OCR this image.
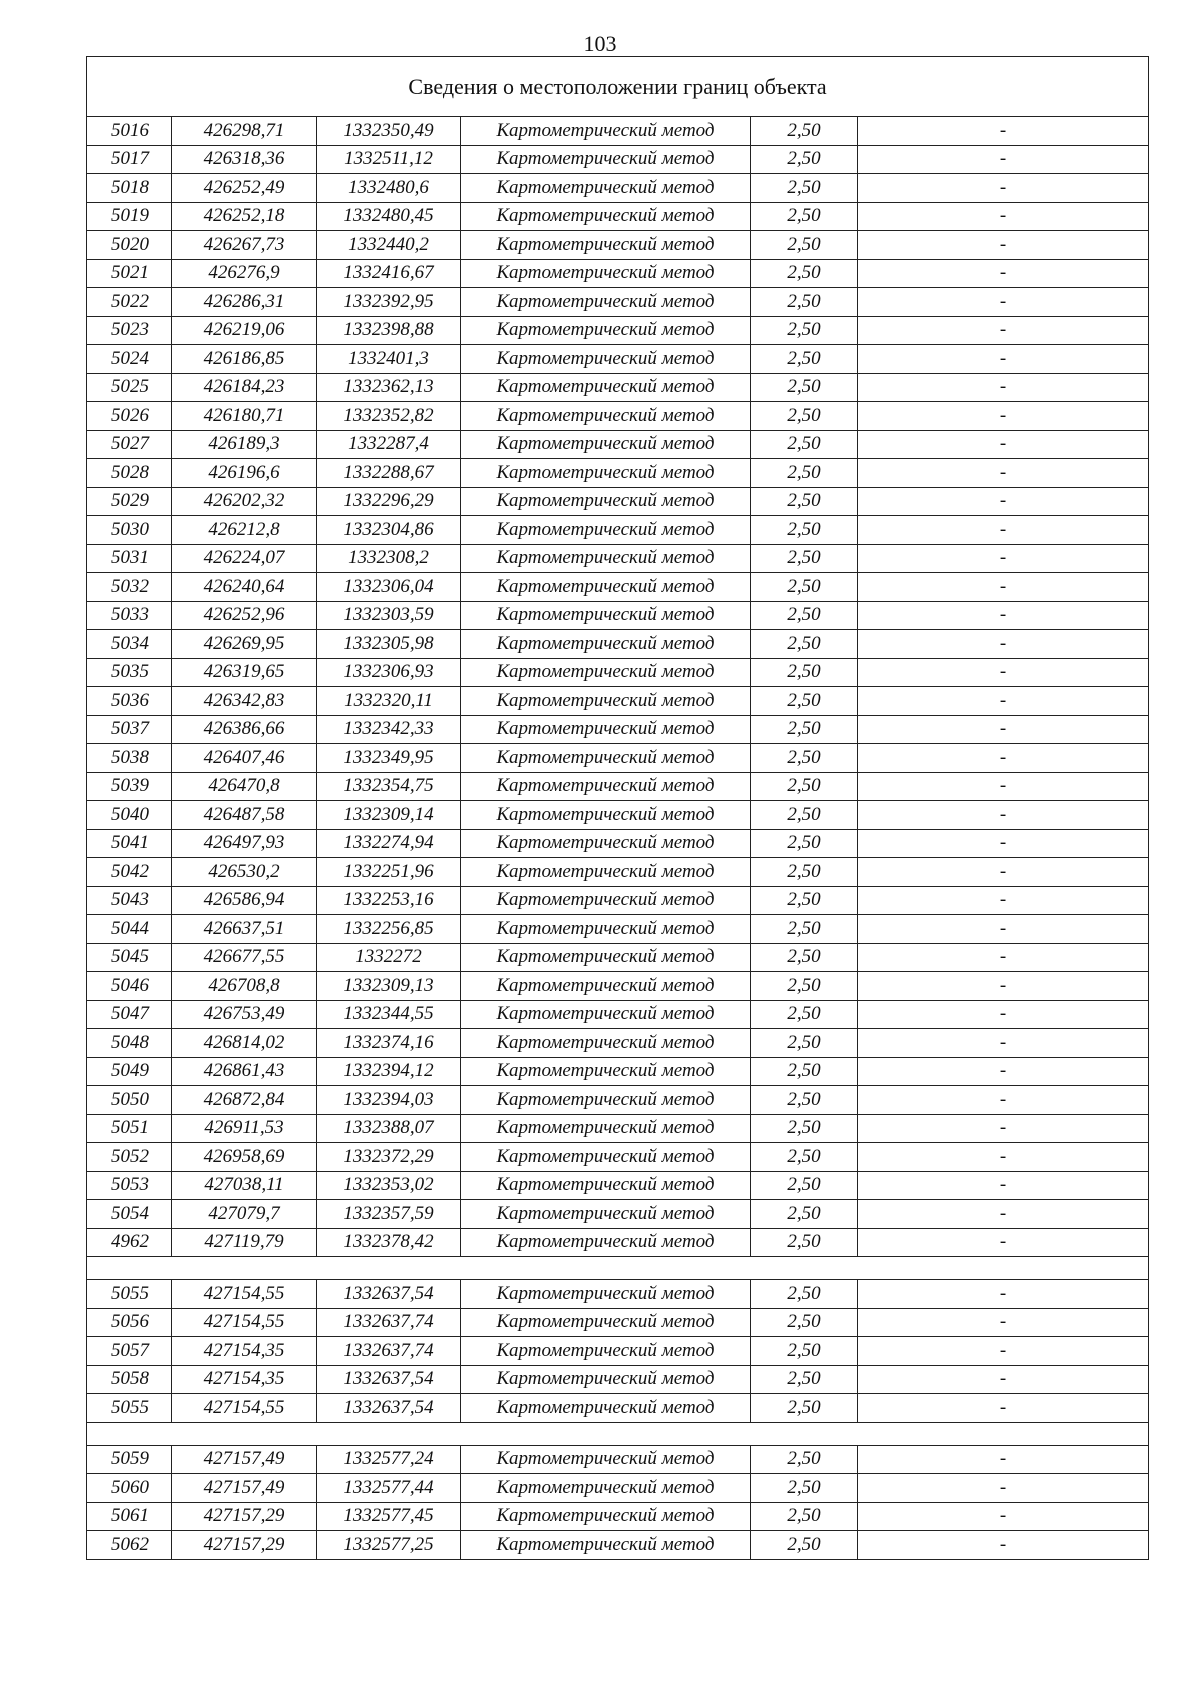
103
Сведения о местоположении границ объекта					
5016	426298,71	1332350,49	Картометрический метод	2,50	-
5017	426318,36	1332511,12	Картометрический метод	2,50	-
5018	426252,49	1332480,6	Картометрический метод	2,50	-
5019	426252,18	1332480,45	Картометрический метод	2,50	-
5020	426267,73	1332440,2	Картометрический метод	2,50	-
5021	426276,9	1332416,67	Картометрический метод	2,50	-
5022	426286,31	1332392,95	Картометрический метод	2,50	-
5023	426219,06	1332398,88	Картометрический метод	2,50	-
5024	426186,85	1332401,3	Картометрический метод	2,50	-
5025	426184,23	1332362,13	Картометрический метод	2,50	-
5026	426180,71	1332352,82	Картометрический метод	2,50	-
5027	426189,3	1332287,4	Картометрический метод	2,50	-
5028	426196,6	1332288,67	Картометрический метод	2,50	-
5029	426202,32	1332296,29	Картометрический метод	2,50	-
5030	426212,8	1332304,86	Картометрический метод	2,50	-
5031	426224,07	1332308,2	Картометрический метод	2,50	-
5032	426240,64	1332306,04	Картометрический метод	2,50	-
5033	426252,96	1332303,59	Картометрический метод	2,50	-
5034	426269,95	1332305,98	Картометрический метод	2,50	-
5035	426319,65	1332306,93	Картометрический метод	2,50	-
5036	426342,83	1332320,11	Картометрический метод	2,50	-
5037	426386,66	1332342,33	Картометрический метод	2,50	-
5038	426407,46	1332349,95	Картометрический метод	2,50	-
5039	426470,8	1332354,75	Картометрический метод	2,50	-
5040	426487,58	1332309,14	Картометрический метод	2,50	-
5041	426497,93	1332274,94	Картометрический метод	2,50	-
5042	426530,2	1332251,96	Картометрический метод	2,50	-
5043	426586,94	1332253,16	Картометрический метод	2,50	-
5044	426637,51	1332256,85	Картометрический метод	2,50	-
5045	426677,55	1332272	Картометрический метод	2,50	-
5046	426708,8	1332309,13	Картометрический метод	2,50	-
5047	426753,49	1332344,55	Картометрический метод	2,50	-
5048	426814,02	1332374,16	Картометрический метод	2,50	-
5049	426861,43	1332394,12	Картометрический метод	2,50	-
5050	426872,84	1332394,03	Картометрический метод	2,50	-
5051	426911,53	1332388,07	Картометрический метод	2,50	-
5052	426958,69	1332372,29	Картометрический метод	2,50	-
5053	427038,11	1332353,02	Картометрический метод	2,50	-
5054	427079,7	1332357,59	Картометрический метод	2,50	-
4962	427119,79	1332378,42	Картометрический метод	2,50	-

5055	427154,55	1332637,54	Картометрический метод	2,50	-
5056	427154,55	1332637,74	Картометрический метод	2,50	-
5057	427154,35	1332637,74	Картометрический метод	2,50	-
5058	427154,35	1332637,54	Картометрический метод	2,50	-
5055	427154,55	1332637,54	Картометрический метод	2,50	-

5059	427157,49	1332577,24	Картометрический метод	2,50	-
5060	427157,49	1332577,44	Картометрический метод	2,50	-
5061	427157,29	1332577,45	Картометрический метод	2,50	-
5062	427157,29	1332577,25	Картометрический метод	2,50	-
